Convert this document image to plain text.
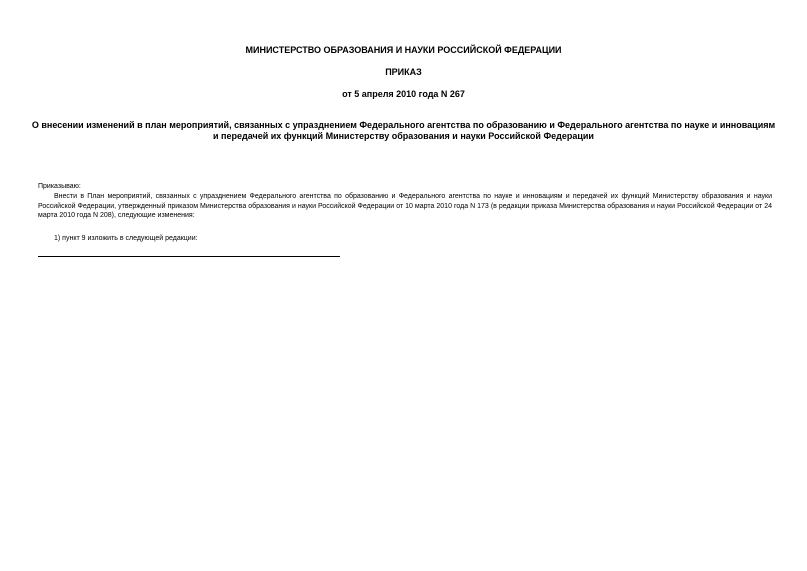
МИНИСТЕРСТВО ОБРАЗОВАНИЯ И НАУКИ РОССИЙСКОЙ ФЕДЕРАЦИИ
ПРИКАЗ
от 5 апреля 2010 года N 267
О внесении изменений в план мероприятий, связанных с упразднением Федерального агентства по образованию и Федерального агентства по науке и инновациям
и передачей их функций Министерству образования и науки Российской Федерации
Приказываю:
Внести в План мероприятий, связанных с упразднением Федерального агентства по образованию и Федерального агентства по науке и инновациям и передачей их функций Министерству образования и науки Российской Федерации, утвержденный приказом Министерства образования и науки Российской Федерации от 10 марта 2010 года N 173 (в редакции приказа Министерства образования и науки Российской Федерации от 24 марта 2010 года N 208), следующие изменения:
1) пункт 9 изложить в следующей редакции:
